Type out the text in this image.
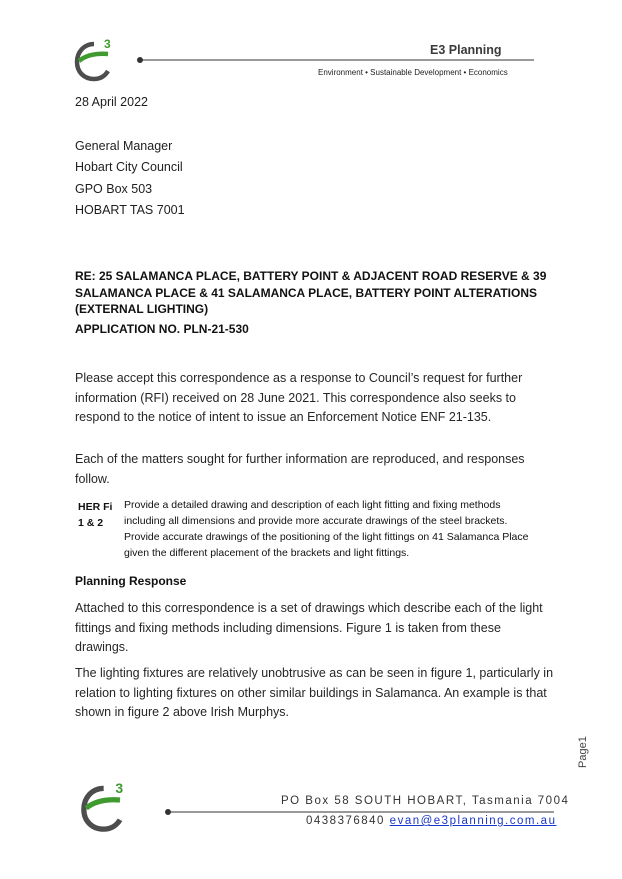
3	E3 Planning
Environment • Sustainable Development • Economics
28 April 2022
General Manager
Hobart City Council
GPO Box 503
HOBART TAS 7001
RE: 25 SALAMANCA PLACE, BATTERY POINT & ADJACENT ROAD RESERVE & 39 SALAMANCA PLACE & 41 SALAMANCA PLACE, BATTERY POINT ALTERATIONS (EXTERNAL LIGHTING)
APPLICATION NO. PLN-21-530
Please accept this correspondence as a response to Council’s request for further information (RFI) received on 28 June 2021. This correspondence also seeks to respond to the notice of intent to issue an Enforcement Notice ENF 21-135.
Each of the matters sought for further information are reproduced, and responses follow.
HER Fi 1 & 2
Provide a detailed drawing and description of each light fitting and fixing methods including all dimensions and provide more accurate drawings of the steel brackets. Provide accurate drawings of the positioning of the light fittings on 41 Salamanca Place given the different placement of the brackets and light fittings.
Planning Response
Attached to this correspondence is a set of drawings which describe each of the light fittings and fixing methods including dimensions. Figure 1 is taken from these drawings.
The lighting fixtures are relatively unobtrusive as can be seen in figure 1, particularly in relation to lighting fixtures on other similar buildings in Salamanca. An example is that shown in figure 2 above Irish Murphys.
Page1
3
PO Box 58 SOUTH HOBART, Tasmania 7004
0438376840 evan@e3planning.com.au
